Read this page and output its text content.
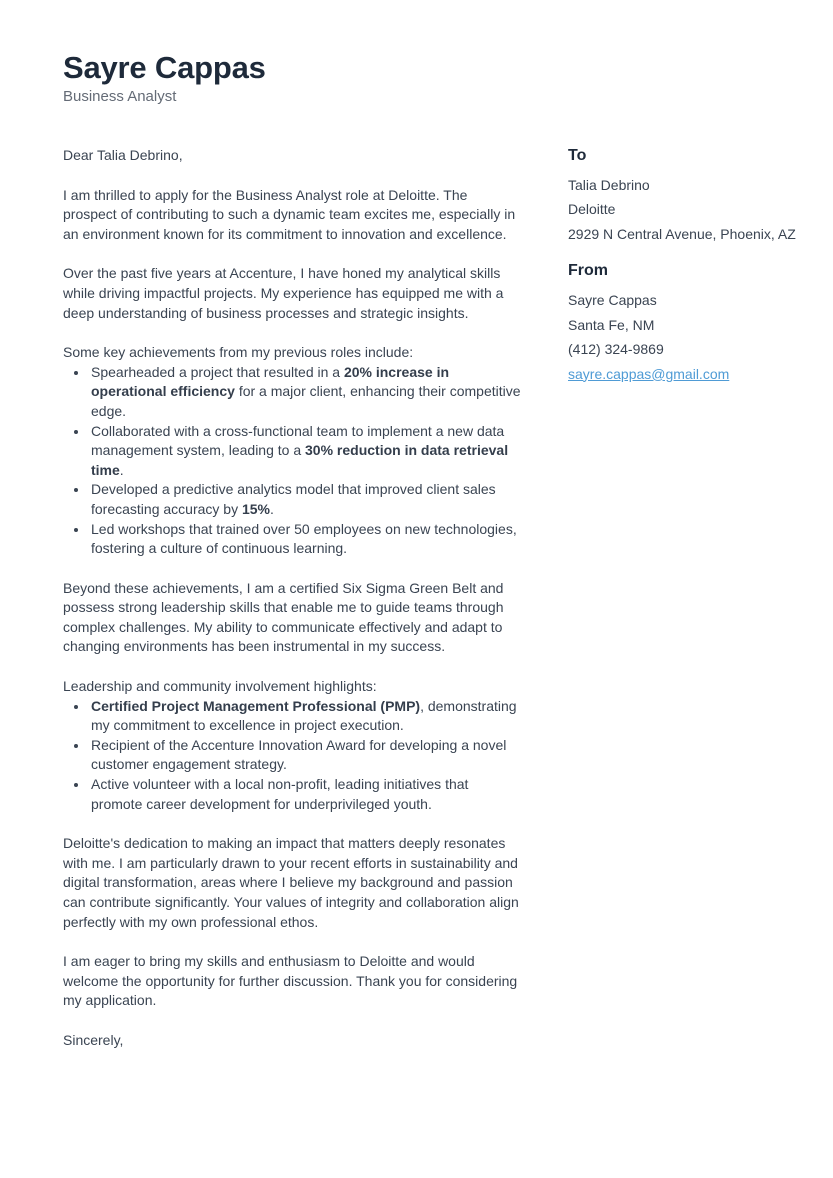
Sayre Cappas
Business Analyst

Dear Talia Debrino,

I am thrilled to apply for the Business Analyst role at Deloitte. The prospect of contributing to such a dynamic team excites me, especially in an environment known for its commitment to innovation and excellence.

Over the past five years at Accenture, I have honed my analytical skills while driving impactful projects. My experience has equipped me with a deep understanding of business processes and strategic insights.

Some key achievements from my previous roles include:

• Spearheaded a project that resulted in a 20% increase in operational efficiency for a major client, enhancing their competitive edge.
• Collaborated with a cross-functional team to implement a new data management system, leading to a 30% reduction in data retrieval time.
• Developed a predictive analytics model that improved client sales forecasting accuracy by 15%.
• Led workshops that trained over 50 employees on new technologies, fostering a culture of continuous learning.

Beyond these achievements, I am a certified Six Sigma Green Belt and possess strong leadership skills that enable me to guide teams through complex challenges. My ability to communicate effectively and adapt to changing environments has been instrumental in my success.

Leadership and community involvement highlights:

• Certified Project Management Professional (PMP), demonstrating my commitment to excellence in project execution.
• Recipient of the Accenture Innovation Award for developing a novel customer engagement strategy.
• Active volunteer with a local non-profit, leading initiatives that promote career development for underprivileged youth.

Deloitte's dedication to making an impact that matters deeply resonates with me. I am particularly drawn to your recent efforts in sustainability and digital transformation, areas where I believe my background and passion can contribute significantly. Your values of integrity and collaboration align perfectly with my own professional ethos.

I am eager to bring my skills and enthusiasm to Deloitte and would welcome the opportunity for further discussion. Thank you for considering my application.

Sincerely,

To
Talia Debrino
Deloitte
2929 N Central Avenue, Phoenix, AZ
From
Sayre Cappas
Santa Fe, NM
(412) 324-9869
sayre.cappas@gmail.com
